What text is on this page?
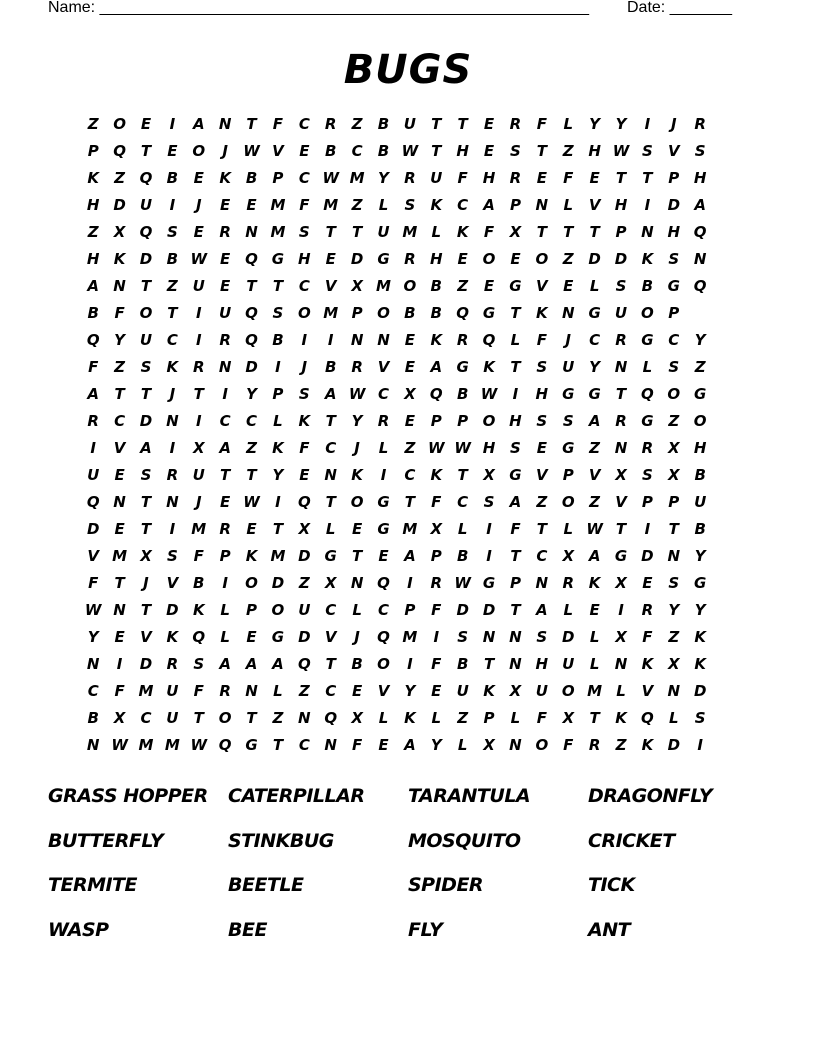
Name: _______________________________________________________ Date: _______
BUGS
Z O E	I	A N	T	F	C	R	Z	B U	T	T	E	R	F	L	Y	Y	I	J	R
P Q T	E O	J	W V	E	B	C	B W T H E	S	T	Z H W S	V	S
K	Z Q B	E	K B	P	C W M Y	R U	F H R	E	F	E	T	T	P H
H D U	I	J	E	E M F M Z	L	S	K	C	A	P N	L	V H	I	D A
Z	X Q S	E	R N M S	T	T	U M L	K	F	X	T	T	T	P N H Q
H K D B W E Q G H E	D G R H E O E O Z D D K	S N
A N	T	Z U	E	T	T	C	V X M O B	Z	E	G V	E	L	S	B G Q
B	F O T	I	U Q S O M P O B B Q G	T	K N G U O P
Q Y U C	I	R Q B	I	I	N N E	K R Q	L	F	J	C	R G C	Y
F	Z	S	K R N D	I	J	B R V	E	A G K	T	S U Y N	L	S	Z
A	T	T	J	T	I	Y	P	S	A W C	X Q B W	I	H G G	T Q O G
R	C D N	I	C	C	L	K	T	Y	R	E	P	P O H S	S	A R G Z O
I	V A	I	X A	Z	K	F	C	J	L	Z W W H S	E	G Z N R X H
U	E	S	R U	T	T	Y	E N K	I	C	K	T	X G V	P	V X	S	X B
Q N	T N	J	E W	I	Q T O G	T	F	C	S	A	Z O Z	V	P	P U
D	E	T	I	M R	E	T	X	L	E	G M X	L	I	F	T	L W T	I	T	B
V M X	S	F	P	K M D G	T	E	A	P	B	I	T	C	X A G D N Y
F	T	J	V B	I	O D Z	X N Q	I	R W G P N R K X	E	S G
W N	T	D K	L	P O U C	L	C	P	F	D D	T	A	L	E	I	R	Y	Y
Y	E	V K Q	L	E	G D V	J	Q M	I	S N N S D	L	X	F	Z	K
N	I	D R	S	A A A Q T	B O	I	F	B	T N H U	L	N K X K
C	F M U	F	R N	L	Z	C	E	V	Y	E	U K X U O M L	V N D
B X	C U	T O T	Z N Q X	L	K	L	Z	P	L	F	X	T	K Q	L	S
N W M M W Q G	T	C N F	E	A	Y	L	X N O F	R	Z	K D	I
GRASS HOPPER	CATERPILLAR	TARANTULA	DRAGONFLY
BUTTERFLY	STINKBUG	MOSQUITO	CRICKET
TERMITE	BEETLE	SPIDER	TICK
WASP	BEE	FLY	ANT
